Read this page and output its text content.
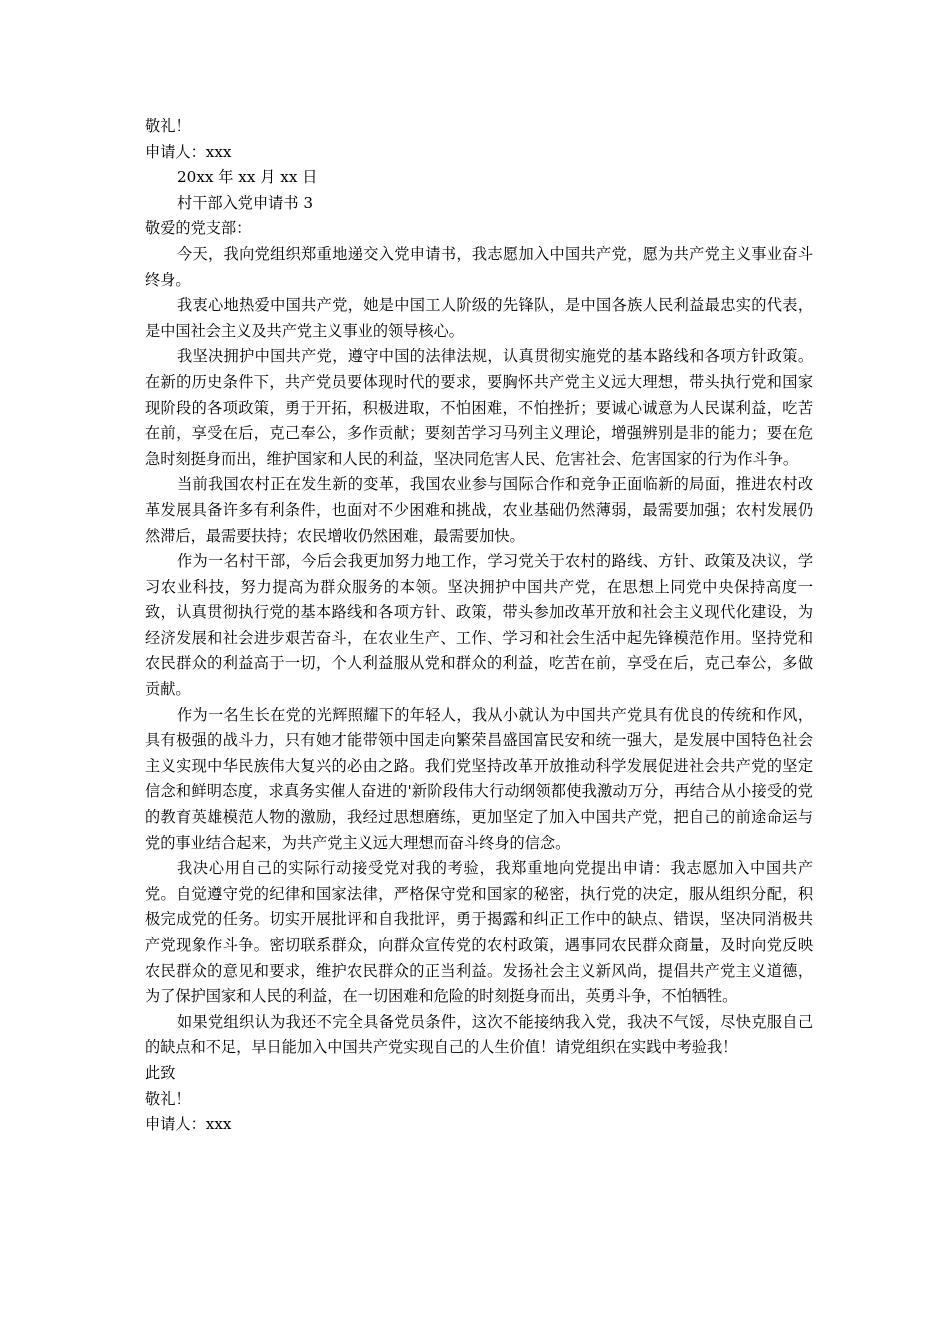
敬礼！

申请人：xxx

20xx 年 xx 月 xx 日

村干部入党申请书 3

敬爱的党支部：

今天，我向党组织郑重地递交入党申请书，我志愿加入中国共产党，愿为共产党主义事业奋斗终身。

我衷心地热爱中国共产党，她是中国工人阶级的先锋队，是中国各族人民利益最忠实的代表，是中国社会主义及共产党主义事业的领导核心。

我坚决拥护中国共产党，遵守中国的法律法规，认真贯彻实施党的基本路线和各项方针政策。在新的历史条件下，共产党员要体现时代的要求，要胸怀共产党主义远大理想，带头执行党和国家现阶段的各项政策，勇于开拓，积极进取，不怕困难，不怕挫折；要诚心诚意为人民谋利益，吃苦在前，享受在后，克己奉公，多作贡献；要刻苦学习马列主义理论，增强辨别是非的能力；要在危急时刻挺身而出，维护国家和人民的利益，坚决同危害人民、危害社会、危害国家的行为作斗争。

当前我国农村正在发生新的变革，我国农业参与国际合作和竞争正面临新的局面，推进农村改革发展具备许多有利条件，也面对不少困难和挑战，农业基础仍然薄弱，最需要加强；农村发展仍然滞后，最需要扶持；农民增收仍然困难，最需要加快。

作为一名村干部，今后会我更加努力地工作，学习党关于农村的路线、方针、政策及决议，学习农业科技，努力提高为群众服务的本领。坚决拥护中国共产党，在思想上同党中央保持高度一致，认真贯彻执行党的基本路线和各项方针、政策，带头参加改革开放和社会主义现代化建设，为经济发展和社会进步艰苦奋斗，在农业生产、工作、学习和社会生活中起先锋模范作用。坚持党和农民群众的利益高于一切，个人利益服从党和群众的利益，吃苦在前，享受在后，克己奉公，多做贡献。

作为一名生长在党的光辉照耀下的年轻人，我从小就认为中国共产党具有优良的传统和作风，具有极强的战斗力，只有她才能带领中国走向繁荣昌盛国富民安和统一强大，是发展中国特色社会主义实现中华民族伟大复兴的必由之路。我们党坚持改革开放推动科学发展促进社会共产党的坚定信念和鲜明态度，求真务实催人奋进的'新阶段伟大行动纲领都使我激动万分，再结合从小接受的党的教育英雄模范人物的激励，我经过思想磨练，更加坚定了加入中国共产党，把自己的前途命运与党的事业结合起来，为共产党主义远大理想而奋斗终身的信念。

我决心用自己的实际行动接受党对我的考验，我郑重地向党提出申请：我志愿加入中国共产党。自觉遵守党的纪律和国家法律，严格保守党和国家的秘密，执行党的决定，服从组织分配，积极完成党的任务。切实开展批评和自我批评，勇于揭露和纠正工作中的缺点、错误，坚决同消极共产党现象作斗争。密切联系群众，向群众宣传党的农村政策，遇事同农民群众商量，及时向党反映农民群众的意见和要求，维护农民群众的正当利益。发扬社会主义新风尚，提倡共产党主义道德，为了保护国家和人民的利益，在一切困难和危险的时刻挺身而出，英勇斗争，不怕牺牲。

如果党组织认为我还不完全具备党员条件，这次不能接纳我入党，我决不气馁，尽快克服自己的缺点和不足，早日能加入中国共产党实现自己的人生价值！请党组织在实践中考验我！

此致

敬礼！

申请人：xxx
